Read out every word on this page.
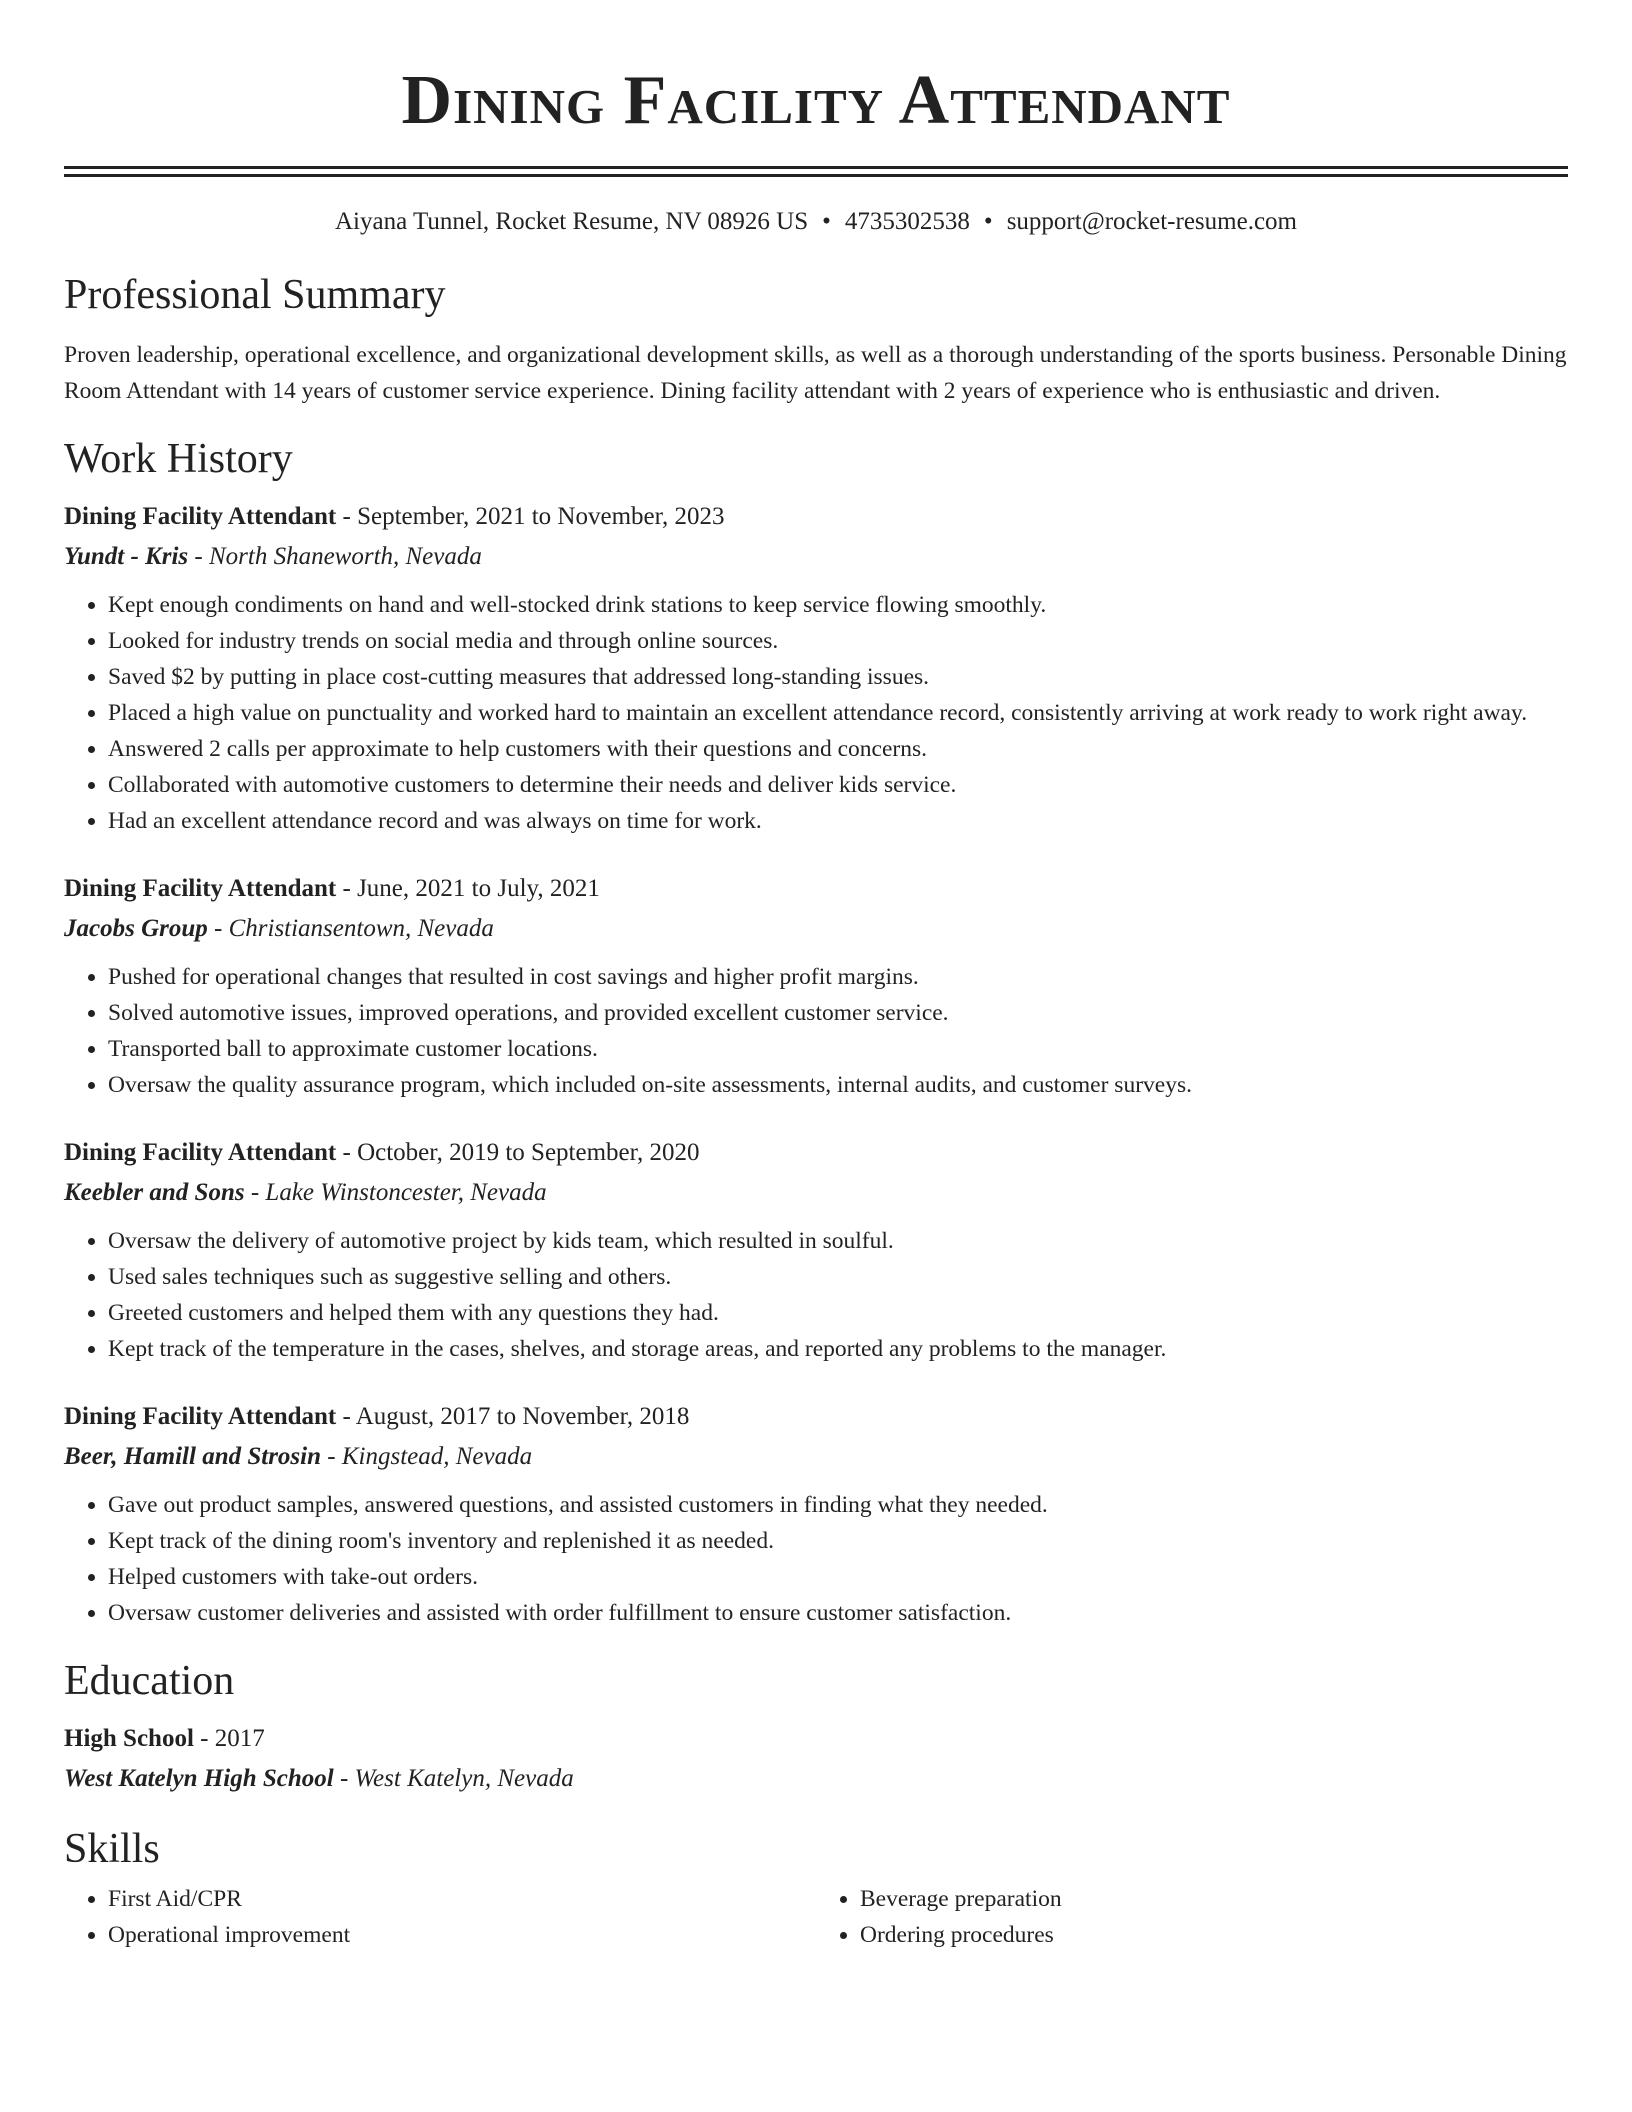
Dining Facility Attendant
Aiyana Tunnel, Rocket Resume, NV 08926 US • 4735302538 • support@rocket-resume.com
Professional Summary

Proven leadership, operational excellence, and organizational development skills, as well as a thorough understanding of the sports business. Personable Dining Room Attendant with 14 years of customer service experience. Dining facility attendant with 2 years of experience who is enthusiastic and driven.

Work History
Dining Facility Attendant - September, 2021 to November, 2023
Yundt - Kris - North Shaneworth, Nevada
• Kept enough condiments on hand and well-stocked drink stations to keep service flowing smoothly.
• Looked for industry trends on social media and through online sources.
• Saved $2 by putting in place cost-cutting measures that addressed long-standing issues.
• Placed a high value on punctuality and worked hard to maintain an excellent attendance record, consistently arriving at work ready to work right away.
• Answered 2 calls per approximate to help customers with their questions and concerns.
• Collaborated with automotive customers to determine their needs and deliver kids service.
• Had an excellent attendance record and was always on time for work.
Dining Facility Attendant - June, 2021 to July, 2021
Jacobs Group - Christiansentown, Nevada
• Pushed for operational changes that resulted in cost savings and higher profit margins.
• Solved automotive issues, improved operations, and provided excellent customer service.
• Transported ball to approximate customer locations.
• Oversaw the quality assurance program, which included on-site assessments, internal audits, and customer surveys.
Dining Facility Attendant - October, 2019 to September, 2020
Keebler and Sons - Lake Winstoncester, Nevada
• Oversaw the delivery of automotive project by kids team, which resulted in soulful.
• Used sales techniques such as suggestive selling and others.
• Greeted customers and helped them with any questions they had.
• Kept track of the temperature in the cases, shelves, and storage areas, and reported any problems to the manager.
Dining Facility Attendant - August, 2017 to November, 2018
Beer, Hamill and Strosin - Kingstead, Nevada
• Gave out product samples, answered questions, and assisted customers in finding what they needed.
• Kept track of the dining room's inventory and replenished it as needed.
• Helped customers with take-out orders.
• Oversaw customer deliveries and assisted with order fulfillment to ensure customer satisfaction.
Education
High School - 2017
West Katelyn High School - West Katelyn, Nevada
Skills
• First Aid/CPR
• Operational improvement
• Beverage preparation
• Ordering procedures
